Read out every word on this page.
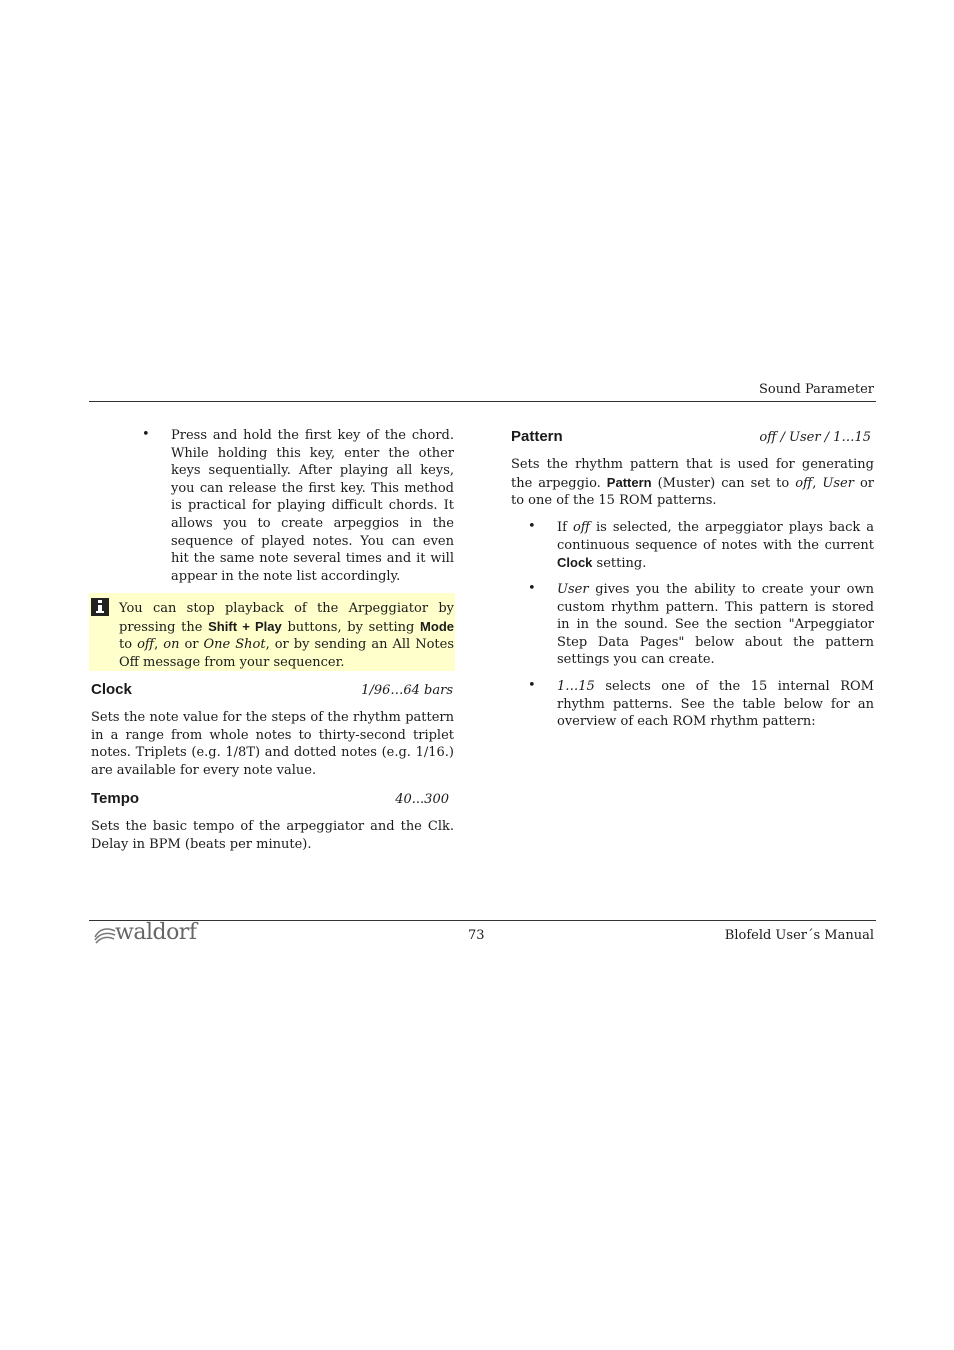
Sound Parameter
• Press and hold the first key of the chord. While holding this key, enter the other keys sequentially. After playing all keys, you can release the first key. This method is practical for playing difficult chords. It allows you to create arpeggios in the sequence of played notes. You can even hit the same note several times and it will appear in the note list accordingly.
You can stop playback of the Arpeggiator by pressing the Shift + Play buttons, by setting Mode to off, on or One Shot, or by sending an All Notes Off message from your sequencer.
Clock	1/96…64 bars
Sets the note value for the steps of the rhythm pattern in a range from whole notes to thirty-second triplet notes. Triplets (e.g. 1/8T) and dotted notes (e.g. 1/16.) are available for every note value.
Tempo	40...300
Sets the basic tempo of the arpeggiator and the Clk. Delay in BPM (beats per minute).
Pattern	off / User / 1…15
Sets the rhythm pattern that is used for generating the arpeggio. Pattern (Muster) can set to off, User or to one of the 15 ROM patterns.
• If off is selected, the arpeggiator plays back a continuous sequence of notes with the current Clock setting.
• User gives you the ability to create your own custom rhythm pattern. This pattern is stored in in the sound. See the section "Arpeggiator Step Data Pages" below about the pattern settings you can create.
• 1…15 selects one of the 15 internal ROM rhythm patterns. See the table below for an overview of each ROM rhythm pattern:
waldorf	73	Blofeld User´s Manual
